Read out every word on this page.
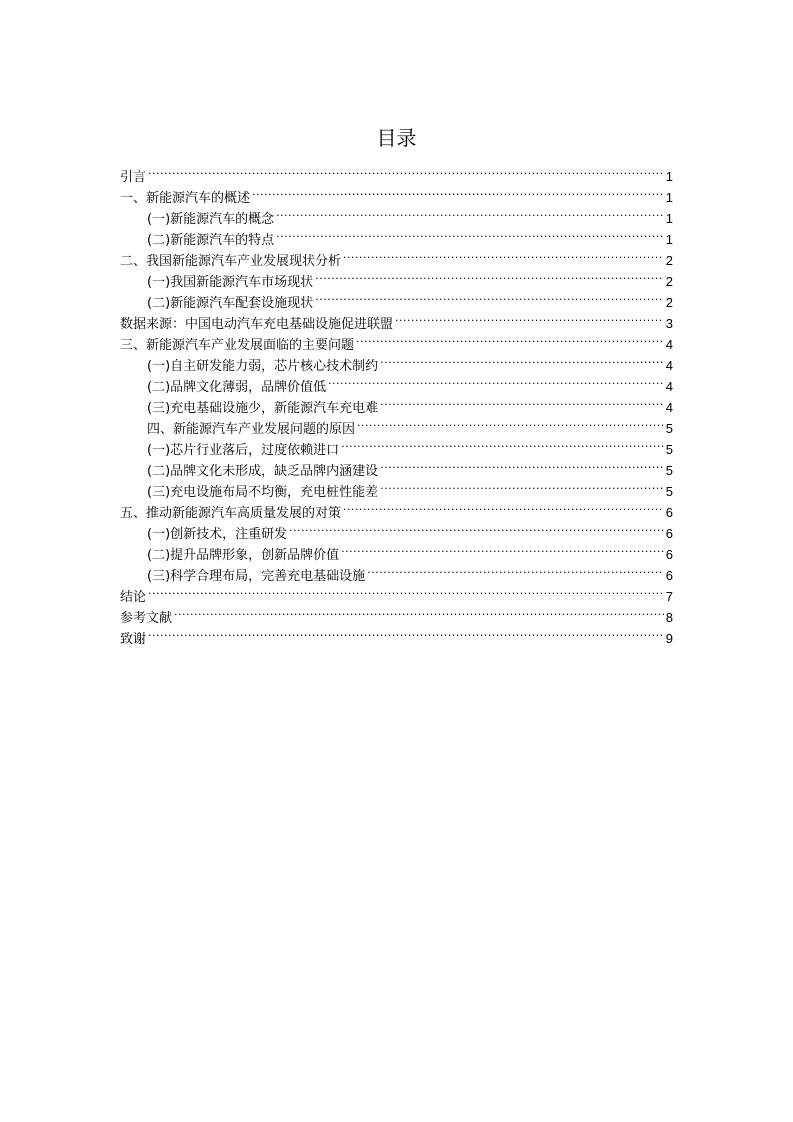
目录
引言 .....	1
一、新能源汽车的概述 .....	1
(一)新能源汽车的概念 .....	1
(二)新能源汽车的特点 .....	1
二、我国新能源汽车产业发展现状分析 .....	2
(一)我国新能源汽车市场现状 .....	2
(二)新能源汽车配套设施现状 .....	2
数据来源：中国电动汽车充电基础设施促进联盟 .....	3
三、新能源汽车产业发展面临的主要问题 .....	4
(一)自主研发能力弱，芯片核心技术制约 .....	4
(二)品牌文化薄弱，品牌价值低 .....	4
(三)充电基础设施少，新能源汽车充电难 .....	4
四、新能源汽车产业发展问题的原因 .....	5
(一)芯片行业落后，过度依赖进口 .....	5
(二)品牌文化未形成，缺乏品牌内涵建设 .....	5
(三)充电设施布局不均衡，充电桩性能差 .....	5
五、推动新能源汽车高质量发展的对策 .....	6
(一)创新技术，注重研发 .....	6
(二)提升品牌形象，创新品牌价值 .....	6
(三)科学合理布局，完善充电基础设施 .....	6
结论 .....	7
参考文献 .....	8
致谢 .....	9
